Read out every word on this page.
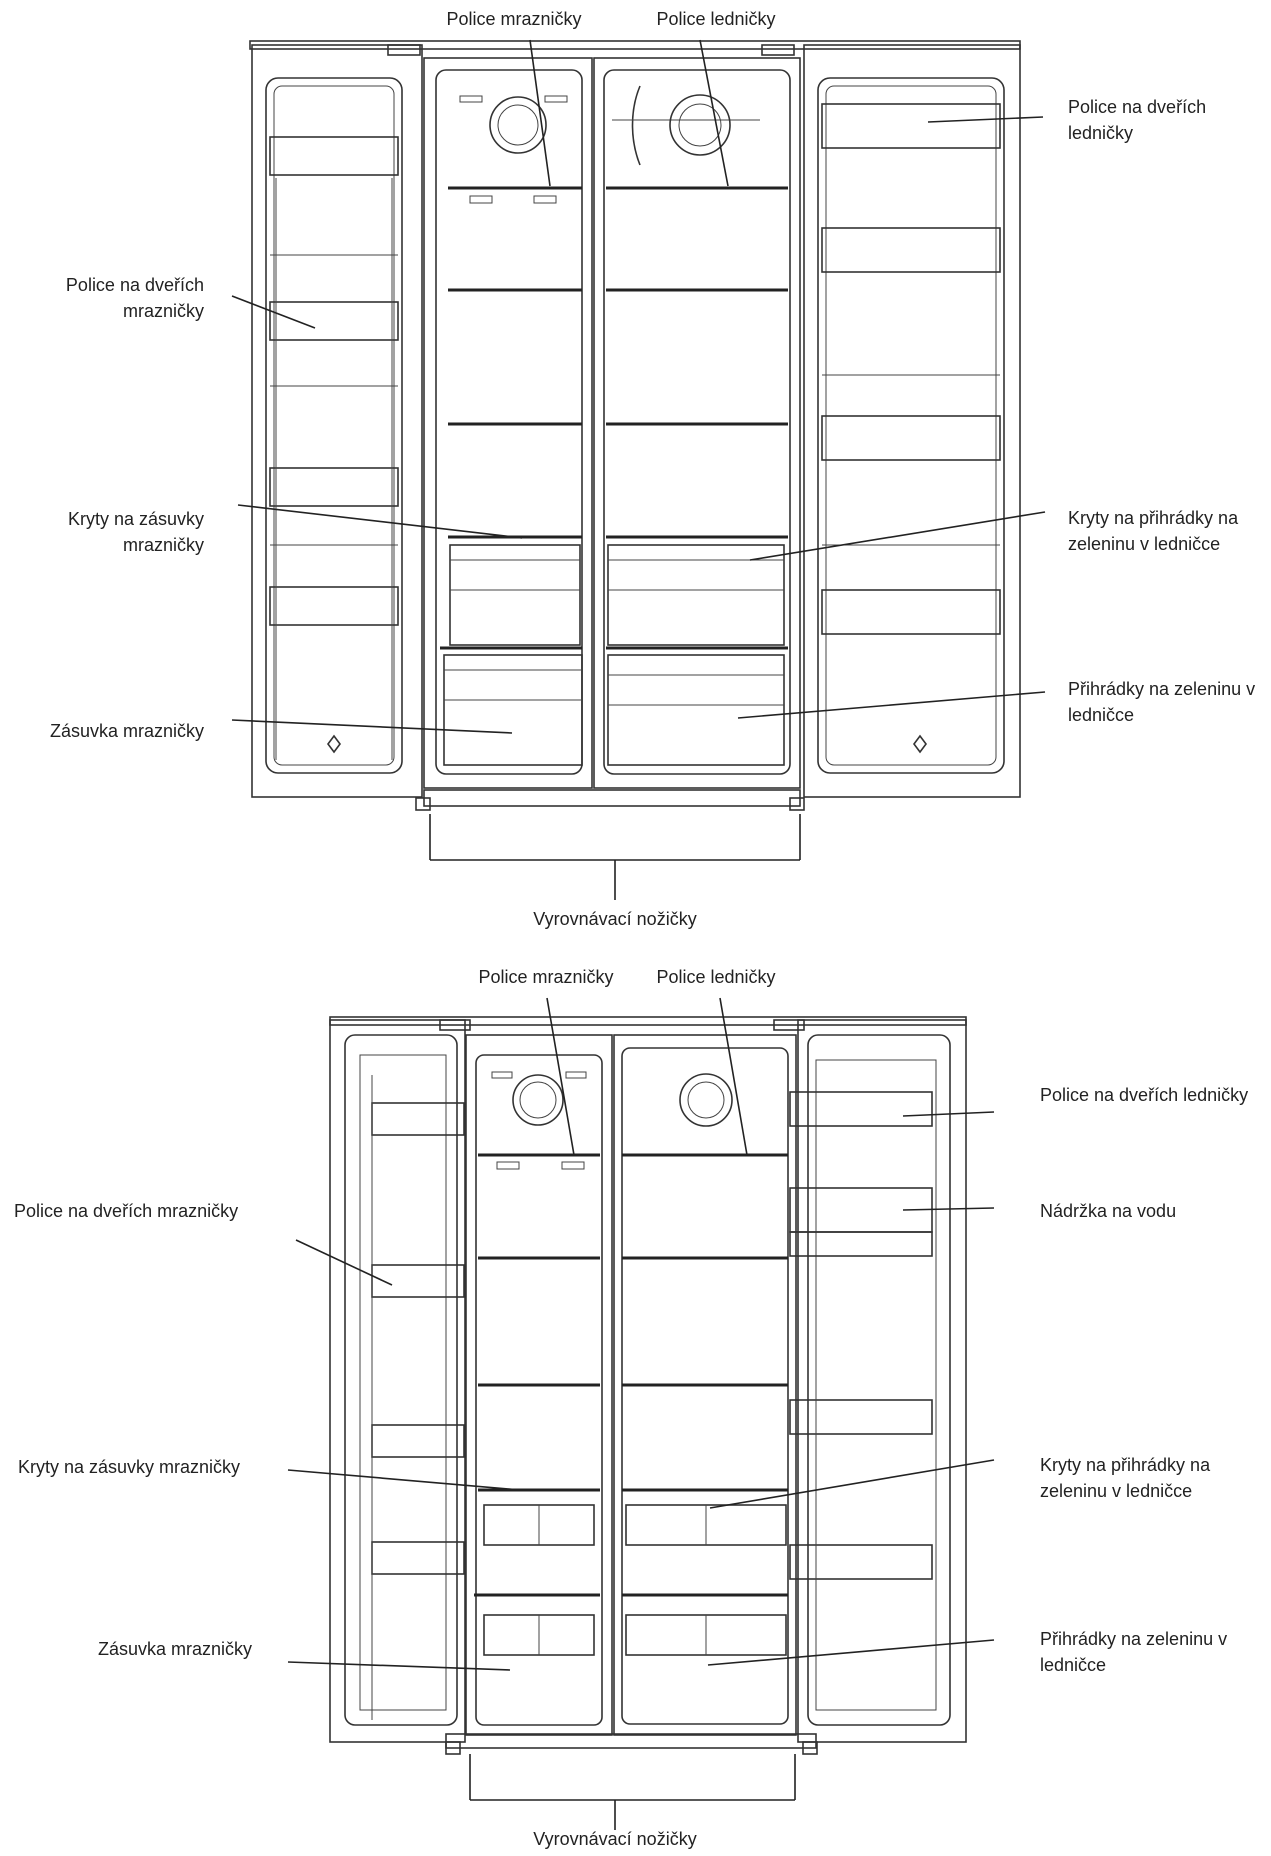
Police mrazničky	Police ledničky
Police na dveřích
ledničky
Police na dveřích
mrazničky
Kryty na zásuvky
mrazničky
Kryty na přihrádky na
zeleninu v ledničce
Zásuvka mrazničky
Přihrádky na zeleninu v
ledničce
Vyrovnávací nožičky
Police mrazničky	Police ledničky
Police na dveřích ledničky
Nádržka na vodu
Police na dveřích mrazničky
Kryty na zásuvky mrazničky	Kryty na přihrádky na
zeleninu v ledničce
Zásuvka mrazničky	Přihrádky na zeleninu v
ledničce
Vyrovnávací nožičky
